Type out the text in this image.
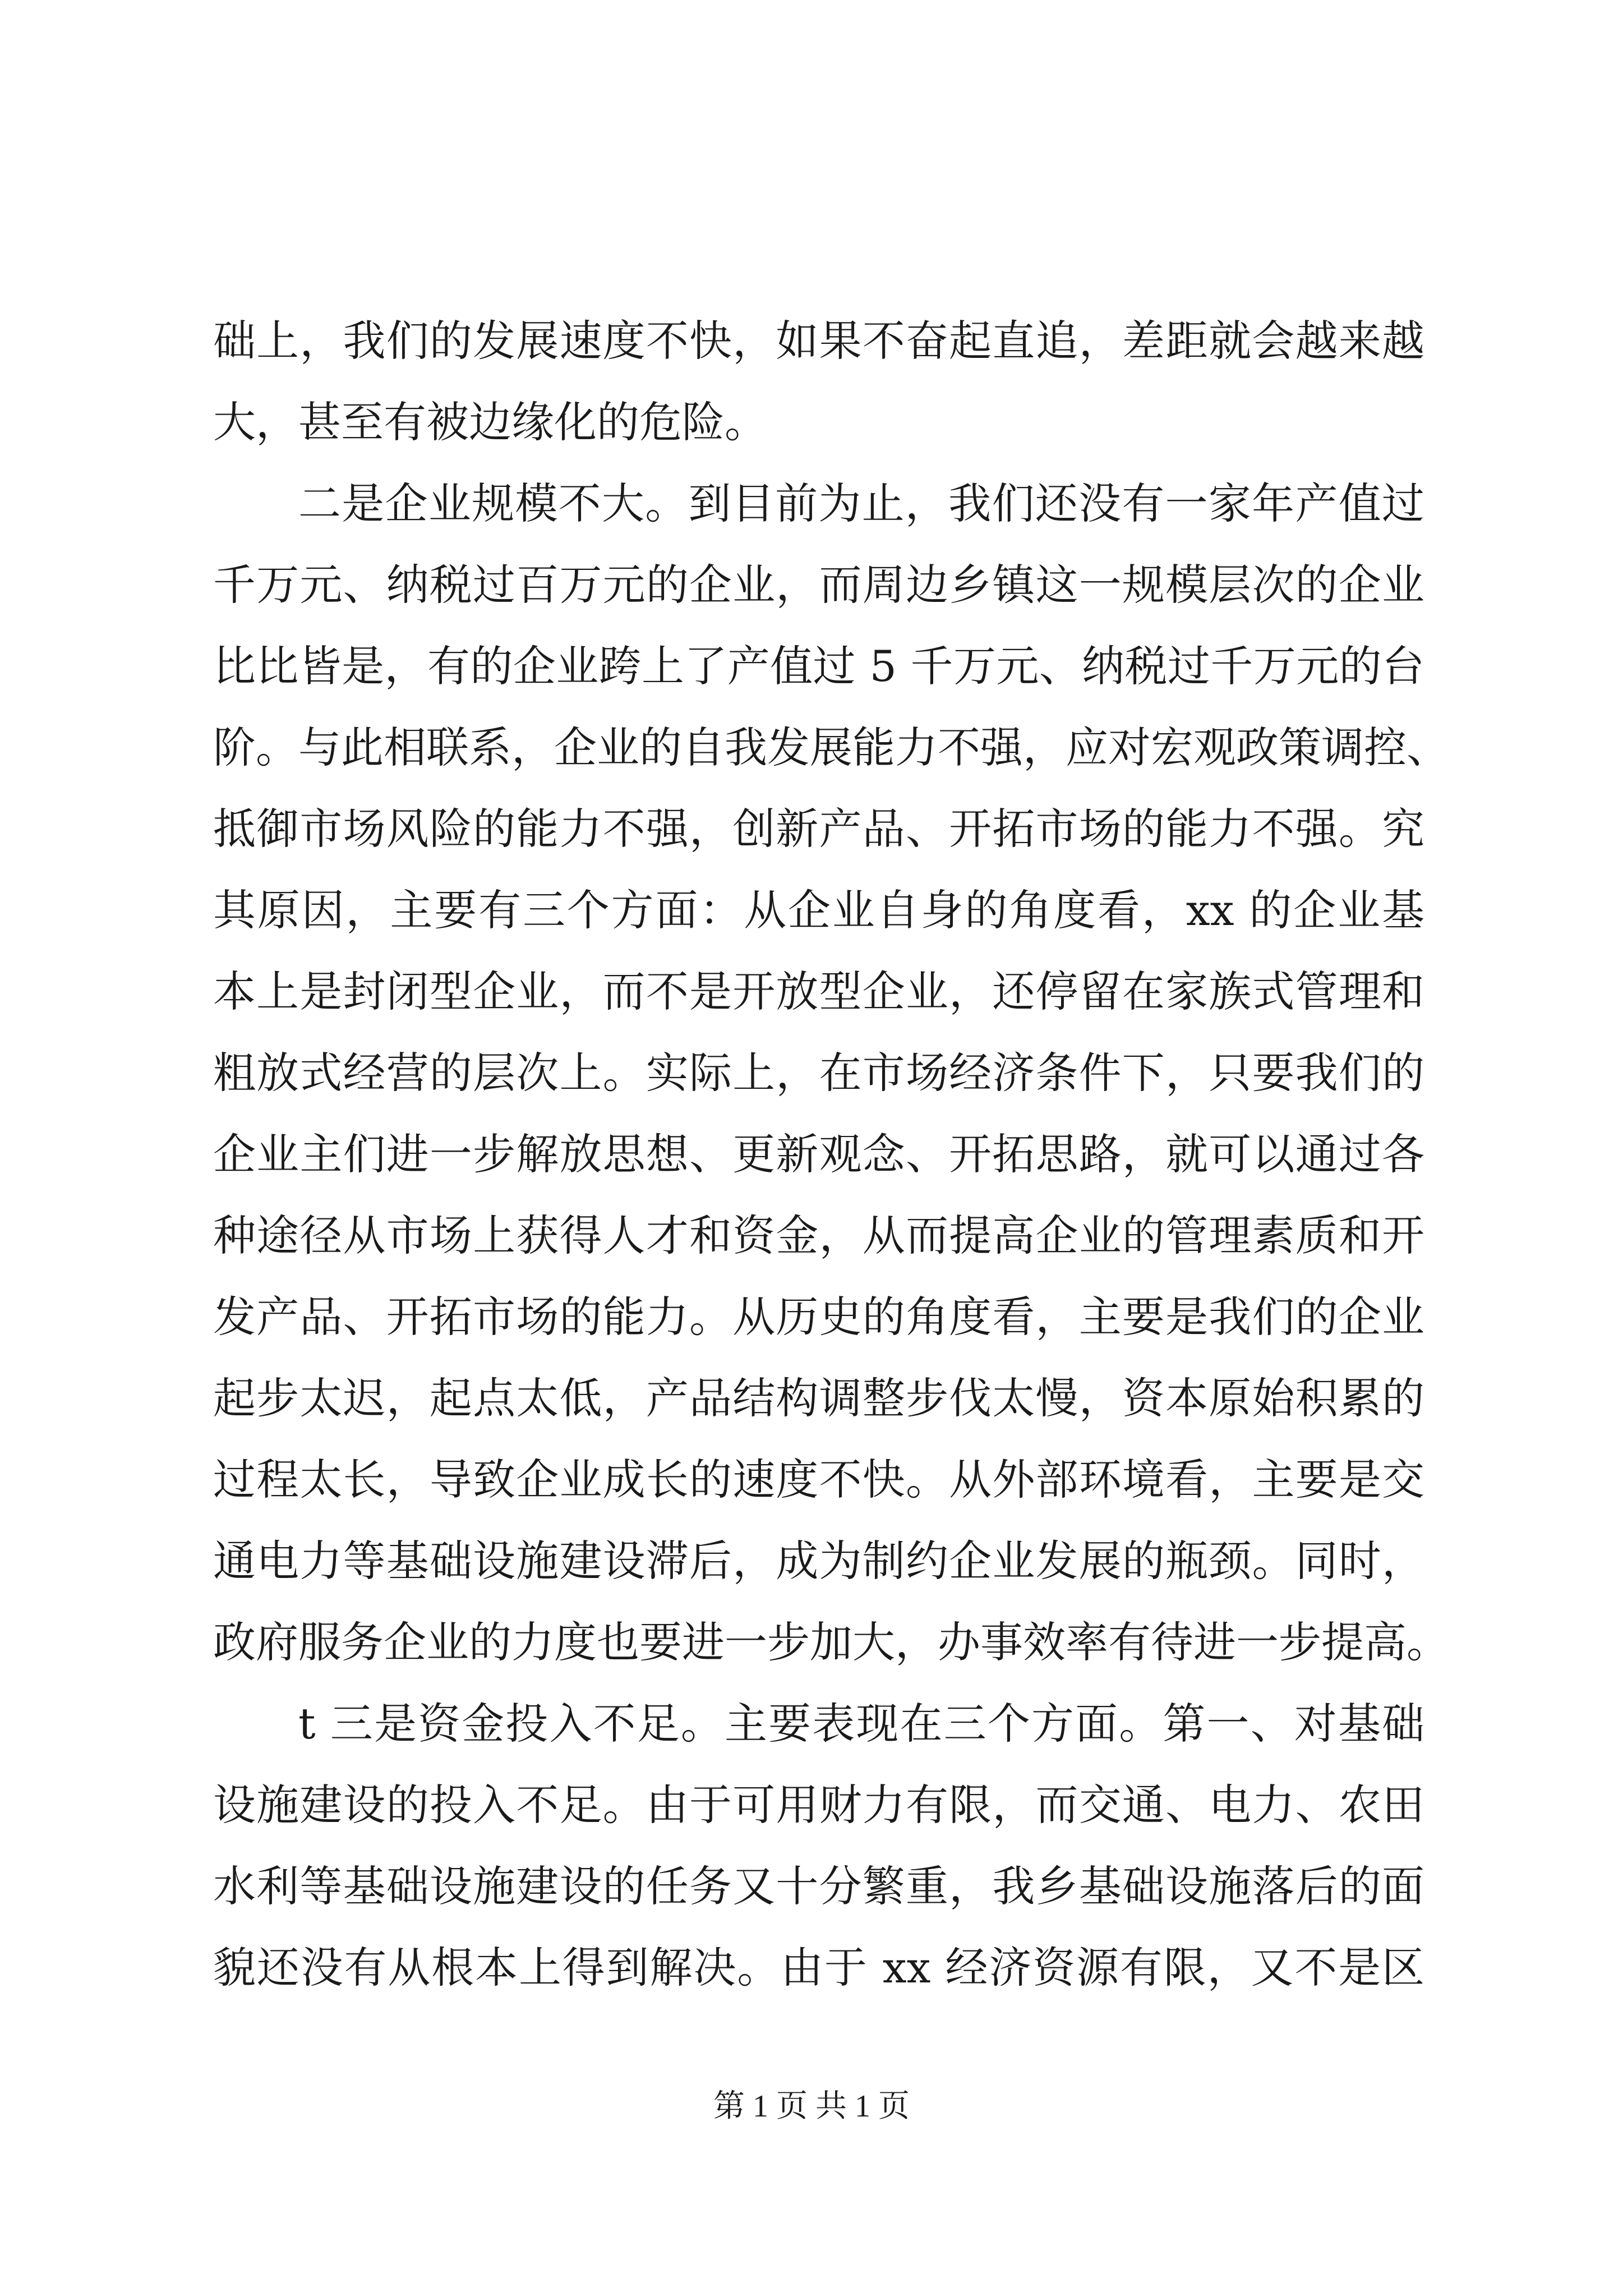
础上，我们的发展速度不快，如果不奋起直追，差距就会越来越
大，甚至有被边缘化的危险。
二是企业规模不大。到目前为止，我们还没有一家年产值过
千万元、纳税过百万元的企业，而周边乡镇这一规模层次的企业
比比皆是，有的企业跨上了产值过 5 千万元、纳税过千万元的台
阶。与此相联系，企业的自我发展能力不强，应对宏观政策调控、
抵御市场风险的能力不强，创新产品、开拓市场的能力不强。究
其原因，主要有三个方面：从企业自身的角度看，xx 的企业基
本上是封闭型企业，而不是开放型企业，还停留在家族式管理和
粗放式经营的层次上。实际上，在市场经济条件下，只要我们的
企业主们进一步解放思想、更新观念、开拓思路，就可以通过各
种途径从市场上获得人才和资金，从而提高企业的管理素质和开
发产品、开拓市场的能力。从历史的角度看，主要是我们的企业
起步太迟，起点太低，产品结构调整步伐太慢，资本原始积累的
过程太长，导致企业成长的速度不快。从外部环境看，主要是交
通电力等基础设施建设滞后，成为制约企业发展的瓶颈。同时，
政府服务企业的力度也要进一步加大，办事效率有待进一步提高。
t 三是资金投入不足。主要表现在三个方面。第一、对基础
设施建设的投入不足。由于可用财力有限，而交通、电力、农田
水利等基础设施建设的任务又十分繁重，我乡基础设施落后的面
貌还没有从根本上得到解决。由于 xx 经济资源有限，又不是区
第 1 页 共 1 页
